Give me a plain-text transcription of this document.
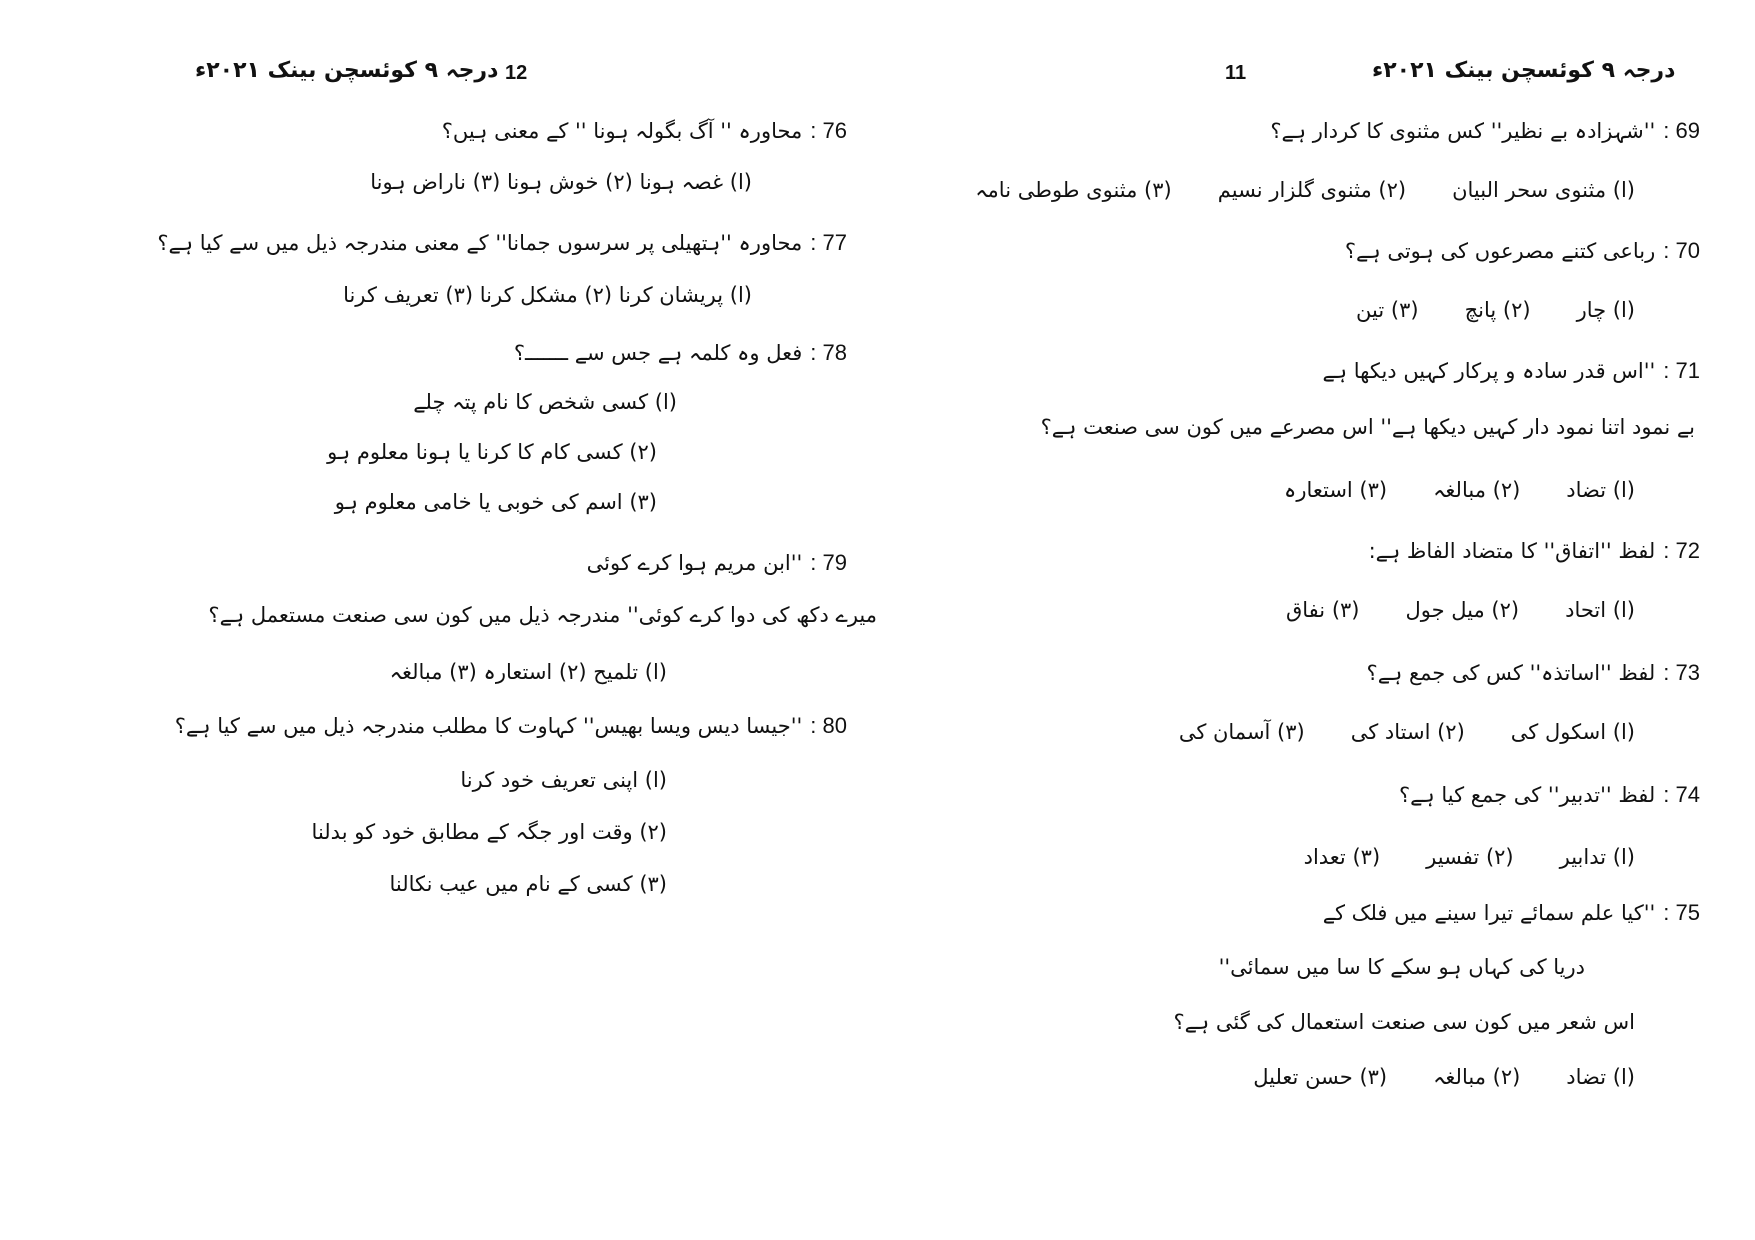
درجہ ۹ کوئسچن بینک ۲۰۲۱ء 12
: 76محاورہ '' آگ بگولہ ہونا '' کے معنی ہیں؟
(ا) غصہ ہونا (۲) خوش ہونا (۳) ناراض ہونا
: 77محاورہ ''ہتھیلی پر سرسوں جمانا'' کے معنی مندرجہ ذیل میں سے کیا ہے؟
(ا) پریشان کرنا (۲) مشکل کرنا (۳) تعریف کرنا
: 78فعل وہ کلمہ ہے جس سے ـــــــ؟
(ا) کسی شخص کا نام پتہ چلے
(۲) کسی کام کا کرنا یا ہونا معلوم ہو
(۳) اسم کی خوبی یا خامی معلوم ہو
: 79''ابن مریم ہوا کرے کوئی
میرے دکھ کی دوا کرے کوئی'' مندرجہ ذیل میں کون سی صنعت مستعمل ہے؟
(ا) تلمیح (۲) استعارہ (۳) مبالغہ
: 80''جیسا دیس ویسا بھیس'' کہاوت کا مطلب مندرجہ ذیل میں سے کیا ہے؟
(ا) اپنی تعریف خود کرنا
(۲) وقت اور جگہ کے مطابق خود کو بدلنا
(۳) کسی کے نام میں عیب نکالنا
درجہ ۹ کوئسچن بینک ۲۰۲۱ء
11
: 69''شہزادہ بے نظیر'' کس مثنوی کا کردار ہے؟
(ا) مثنوی سحر البیان(۲) مثنوی گلزار نسیم(۳) مثنوی طوطی نامہ
: 70رباعی کتنے مصرعوں کی ہوتی ہے؟
(ا) چار(۲) پانچ(۳) تین
: 71''اس قدر سادہ و پرکار کہیں دیکھا ہے
بے نمود اتنا نمود دار کہیں دیکھا ہے'' اس مصرعے میں کون سی صنعت ہے؟
(ا) تضاد(۲) مبالغہ(۳) استعارہ
: 72لفظ ''اتفاق'' کا متضاد الفاظ ہے:
(ا) اتحاد(۲) میل جول(۳) نفاق
: 73لفظ ''اساتذہ'' کس کی جمع ہے؟
(ا) اسکول کی(۲) استاد کی(۳) آسمان کی
: 74لفظ ''تدبیر'' کی جمع کیا ہے؟
(ا) تدابیر(۲) تفسیر(۳) تعداد
: 75''کیا علم سمائے تیرا سینے میں فلک کے
دریا کی کہاں ہو سکے کا سا میں سمائی''
اس شعر میں کون سی صنعت استعمال کی گئی ہے؟
(ا) تضاد(۲) مبالغہ(۳) حسن تعلیل
